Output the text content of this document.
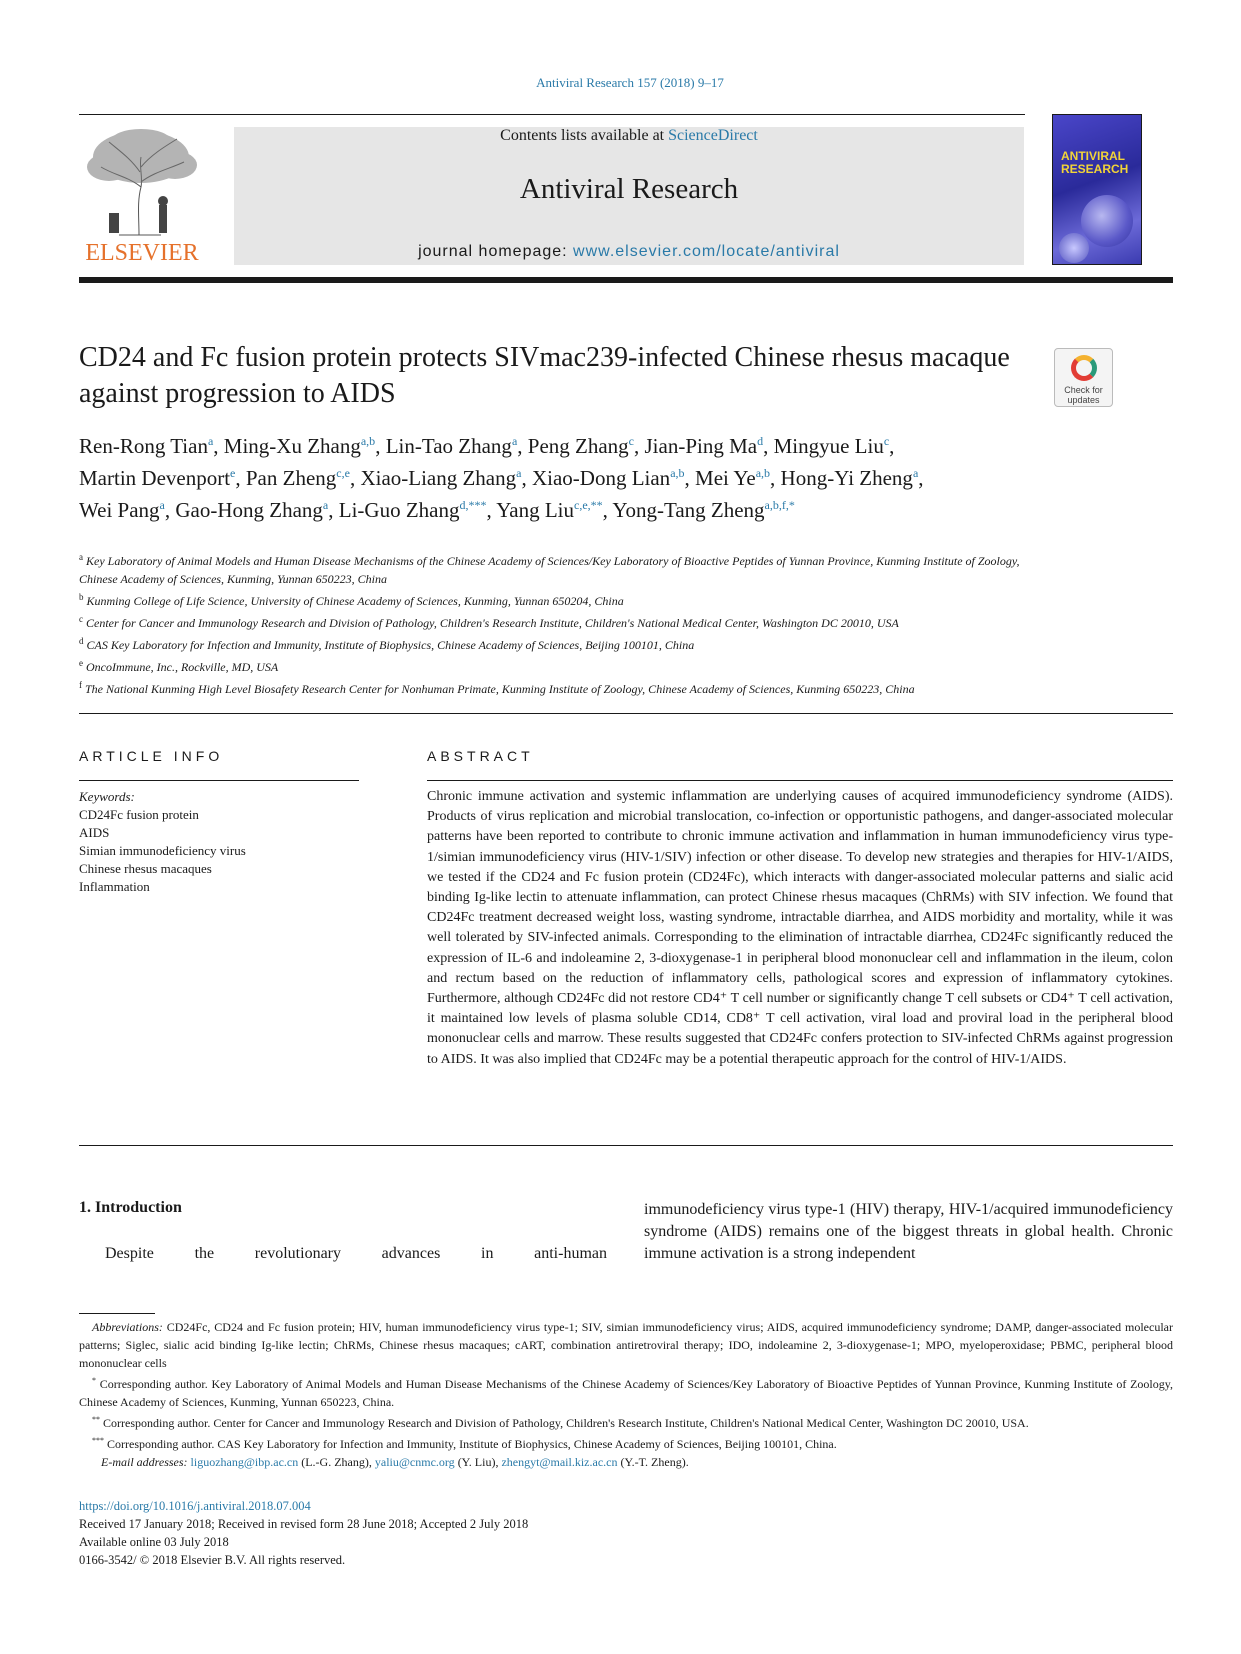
Antiviral Research 157 (2018) 9–17
ELSEVIER
Contents lists available at ScienceDirect
Antiviral Research
journal homepage: www.elsevier.com/locate/antiviral
ANTIVIRAL RESEARCH
CD24 and Fc fusion protein protects SIVmac239-infected Chinese rhesus macaque against progression to AIDS	Check for updates
Ren-Rong Tian$^a$, Ming-Xu Zhang$^{a,b}$, Lin-Tao Zhang$^a$, Peng Zhang$^c$, Jian-Ping Ma$^d$, Mingyue Liu$^c$,
Martin Devenport$^e$, Pan Zheng$^{c,e}$, Xiao-Liang Zhang$^a$, Xiao-Dong Lian$^{a,b}$, Mei Ye$^{a,b}$, Hong-Yi Zheng$^a$,
Wei Pang$^a$, Gao-Hong Zhang$^a$, Li-Guo Zhang$^{d,***}$, Yang Liu$^{c,e,**}$, Yong-Tang Zheng$^{a,b,f,*}$
$^a$ Key Laboratory of Animal Models and Human Disease Mechanisms of the Chinese Academy of Sciences/Key Laboratory of Bioactive Peptides of Yunnan Province, Kunming Institute of Zoology, Chinese Academy of Sciences, Kunming, Yunnan 650223, China
$^b$ Kunming College of Life Science, University of Chinese Academy of Sciences, Kunming, Yunnan 650204, China
$^c$ Center for Cancer and Immunology Research and Division of Pathology, Children's Research Institute, Children's National Medical Center, Washington DC 20010, USA
$^d$ CAS Key Laboratory for Infection and Immunity, Institute of Biophysics, Chinese Academy of Sciences, Beijing 100101, China
$^e$ OncoImmune, Inc., Rockville, MD, USA
$^f$ The National Kunming High Level Biosafety Research Center for Nonhuman Primate, Kunming Institute of Zoology, Chinese Academy of Sciences, Kunming 650223, China
ARTICLE INFO	ABSTRACT
Keywords:
CD24Fc fusion protein
AIDS
Simian immunodeficiency virus
Chinese rhesus macaques
Inflammation
Chronic immune activation and systemic inflammation are underlying causes of acquired immunodeficiency syndrome (AIDS). Products of virus replication and microbial translocation, co-infection or opportunistic pathogens, and danger-associated molecular patterns have been reported to contribute to chronic immune activation and inflammation in human immunodeficiency virus type-1/simian immunodeficiency virus (HIV-1/SIV) infection or other disease. To develop new strategies and therapies for HIV-1/AIDS, we tested if the CD24 and Fc fusion protein (CD24Fc), which interacts with danger-associated molecular patterns and sialic acid binding Ig-like lectin to attenuate inflammation, can protect Chinese rhesus macaques (ChRMs) with SIV infection. We found that CD24Fc treatment decreased weight loss, wasting syndrome, intractable diarrhea, and AIDS morbidity and mortality, while it was well tolerated by SIV-infected animals. Corresponding to the elimination of intractable diarrhea, CD24Fc significantly reduced the expression of IL-6 and indoleamine 2, 3-dioxygenase-1 in peripheral blood mononuclear cell and inflammation in the ileum, colon and rectum based on the reduction of inflammatory cells, pathological scores and expression of inflammatory cytokines. Furthermore, although CD24Fc did not restore CD4⁺ T cell number or significantly change T cell subsets or CD4⁺ T cell activation, it maintained low levels of plasma soluble CD14, CD8⁺ T cell activation, viral load and proviral load in the peripheral blood mononuclear cells and marrow. These results suggested that CD24Fc confers protection to SIV-infected ChRMs against progression to AIDS. It was also implied that CD24Fc may be a potential therapeutic approach for the control of HIV-1/AIDS.
1. Introduction
Despite the revolutionary advances in anti-human
immunodeficiency virus type-1 (HIV) therapy, HIV-1/acquired immunodeficiency syndrome (AIDS) remains one of the biggest threats in global health. Chronic immune activation is a strong independent

Abbreviations: CD24Fc, CD24 and Fc fusion protein; HIV, human immunodeficiency virus type-1; SIV, simian immunodeficiency virus; AIDS, acquired immunodeficiency syndrome; DAMP, danger-associated molecular patterns; Siglec, sialic acid binding Ig-like lectin; ChRMs, Chinese rhesus macaques; cART, combination antiretroviral therapy; IDO, indoleamine 2, 3-dioxygenase-1; MPO, myeloperoxidase; PBMC, peripheral blood mononuclear cells

* Corresponding author. Key Laboratory of Animal Models and Human Disease Mechanisms of the Chinese Academy of Sciences/Key Laboratory of Bioactive Peptides of Yunnan Province, Kunming Institute of Zoology, Chinese Academy of Sciences, Kunming, Yunnan 650223, China.

** Corresponding author. Center for Cancer and Immunology Research and Division of Pathology, Children's Research Institute, Children's National Medical Center, Washington DC 20010, USA.

*** Corresponding author. CAS Key Laboratory for Infection and Immunity, Institute of Biophysics, Chinese Academy of Sciences, Beijing 100101, China.

E-mail addresses: liguozhang@ibp.ac.cn (L.-G. Zhang), yaliu@cnmc.org (Y. Liu), zhengyt@mail.kiz.ac.cn (Y.-T. Zheng).

https://doi.org/10.1016/j.antiviral.2018.07.004
Received 17 January 2018; Received in revised form 28 June 2018; Accepted 2 July 2018
Available online 03 July 2018
0166-3542/ © 2018 Elsevier B.V. All rights reserved.
